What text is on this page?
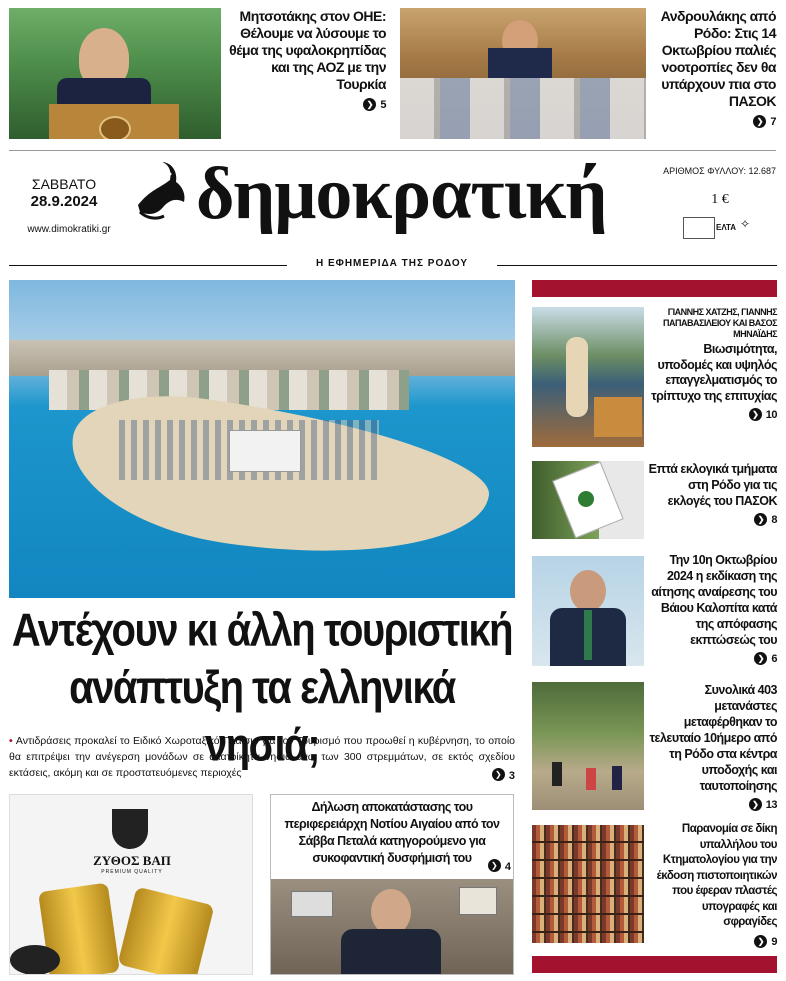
Μητσοτάκης στον ΟΗΕ: Θέλουμε να λύσουμε το θέμα της υφαλοκρηπίδας και της ΑΟΖ με την Τουρκία
❯ 5
Ανδρουλάκης από Ρόδο: Στις 14 Οκτωβρίου παλιές νοοτροπίες δεν θα υπάρχουν πια στο ΠΑΣΟΚ
❯ 7
ΣΑΒΒΑΤΟ
28.9.2024
www.dimokratiki.gr δημοκρατική	ΑΡΙΘΜΟΣ ΦΥΛΛΟΥ: 12.687
1 €
ΕΛΤΑ ✧
Η ΕΦΗΜΕΡΙΔΑ ΤΗΣ ΡΟΔΟΥ
Αντέχουν κι άλλη τουριστική
ανάπτυξη τα ελληνικά νησιά;
• Αντιδράσεις προκαλεί το Ειδικό Χωροταξικό Πλαίσιο για τον Τουρισμό που προωθεί η κυβέρνηση, το οποίο θα επιτρέψει την ανέγερση μονάδων σε ακατοίκητα νησιά άνω των 300 στρεμμάτων, σε εκτός σχεδίου εκτάσεις, ακόμη και σε προστατευόμενες περιοχές	❯ 3
ΖΥΘΟΣ ΒΑΠ
PREMIUM QUALITY
Δήλωση αποκατάστασης του περιφερειάρχη Νοτίου Αιγαίου από τον Σάββα Πεταλά κατηγορούμενο για συκοφαντική δυσφήμισή του
❯ 4
ΓΙΑΝΝΗΣ ΧΑΤΖΗΣ, ΓΙΑΝΝΗΣ ΠΑΠΑΒΑΣΙΛΕΙΟΥ ΚΑΙ ΒΑΣΟΣ ΜΗΝΑΪΔΗΣ
Βιωσιμότητα, υποδομές και υψηλός επαγγελματισμός το τρίπτυχο της επιτυχίας
❯ 10
Επτά εκλογικά τμήματα στη Ρόδο για τις εκλογές του ΠΑΣΟΚ
❯ 8
Την 10η Οκτωβρίου 2024 η εκδίκαση της αίτησης αναίρεσης του Βάιου Καλοπίτα κατά της απόφασης εκπτώσεώς του
❯ 6
Συνολικά 403 μετανάστες μεταφέρθηκαν το τελευταίο 10ήμερο από τη Ρόδο στα κέντρα υποδοχής και ταυτοποίησης
❯ 13
Παρανομία σε δίκη υπαλλήλου του Κτηματολογίου για την έκδοση πιστοποιητικών που έφεραν πλαστές υπογραφές και σφραγίδες
❯ 9
